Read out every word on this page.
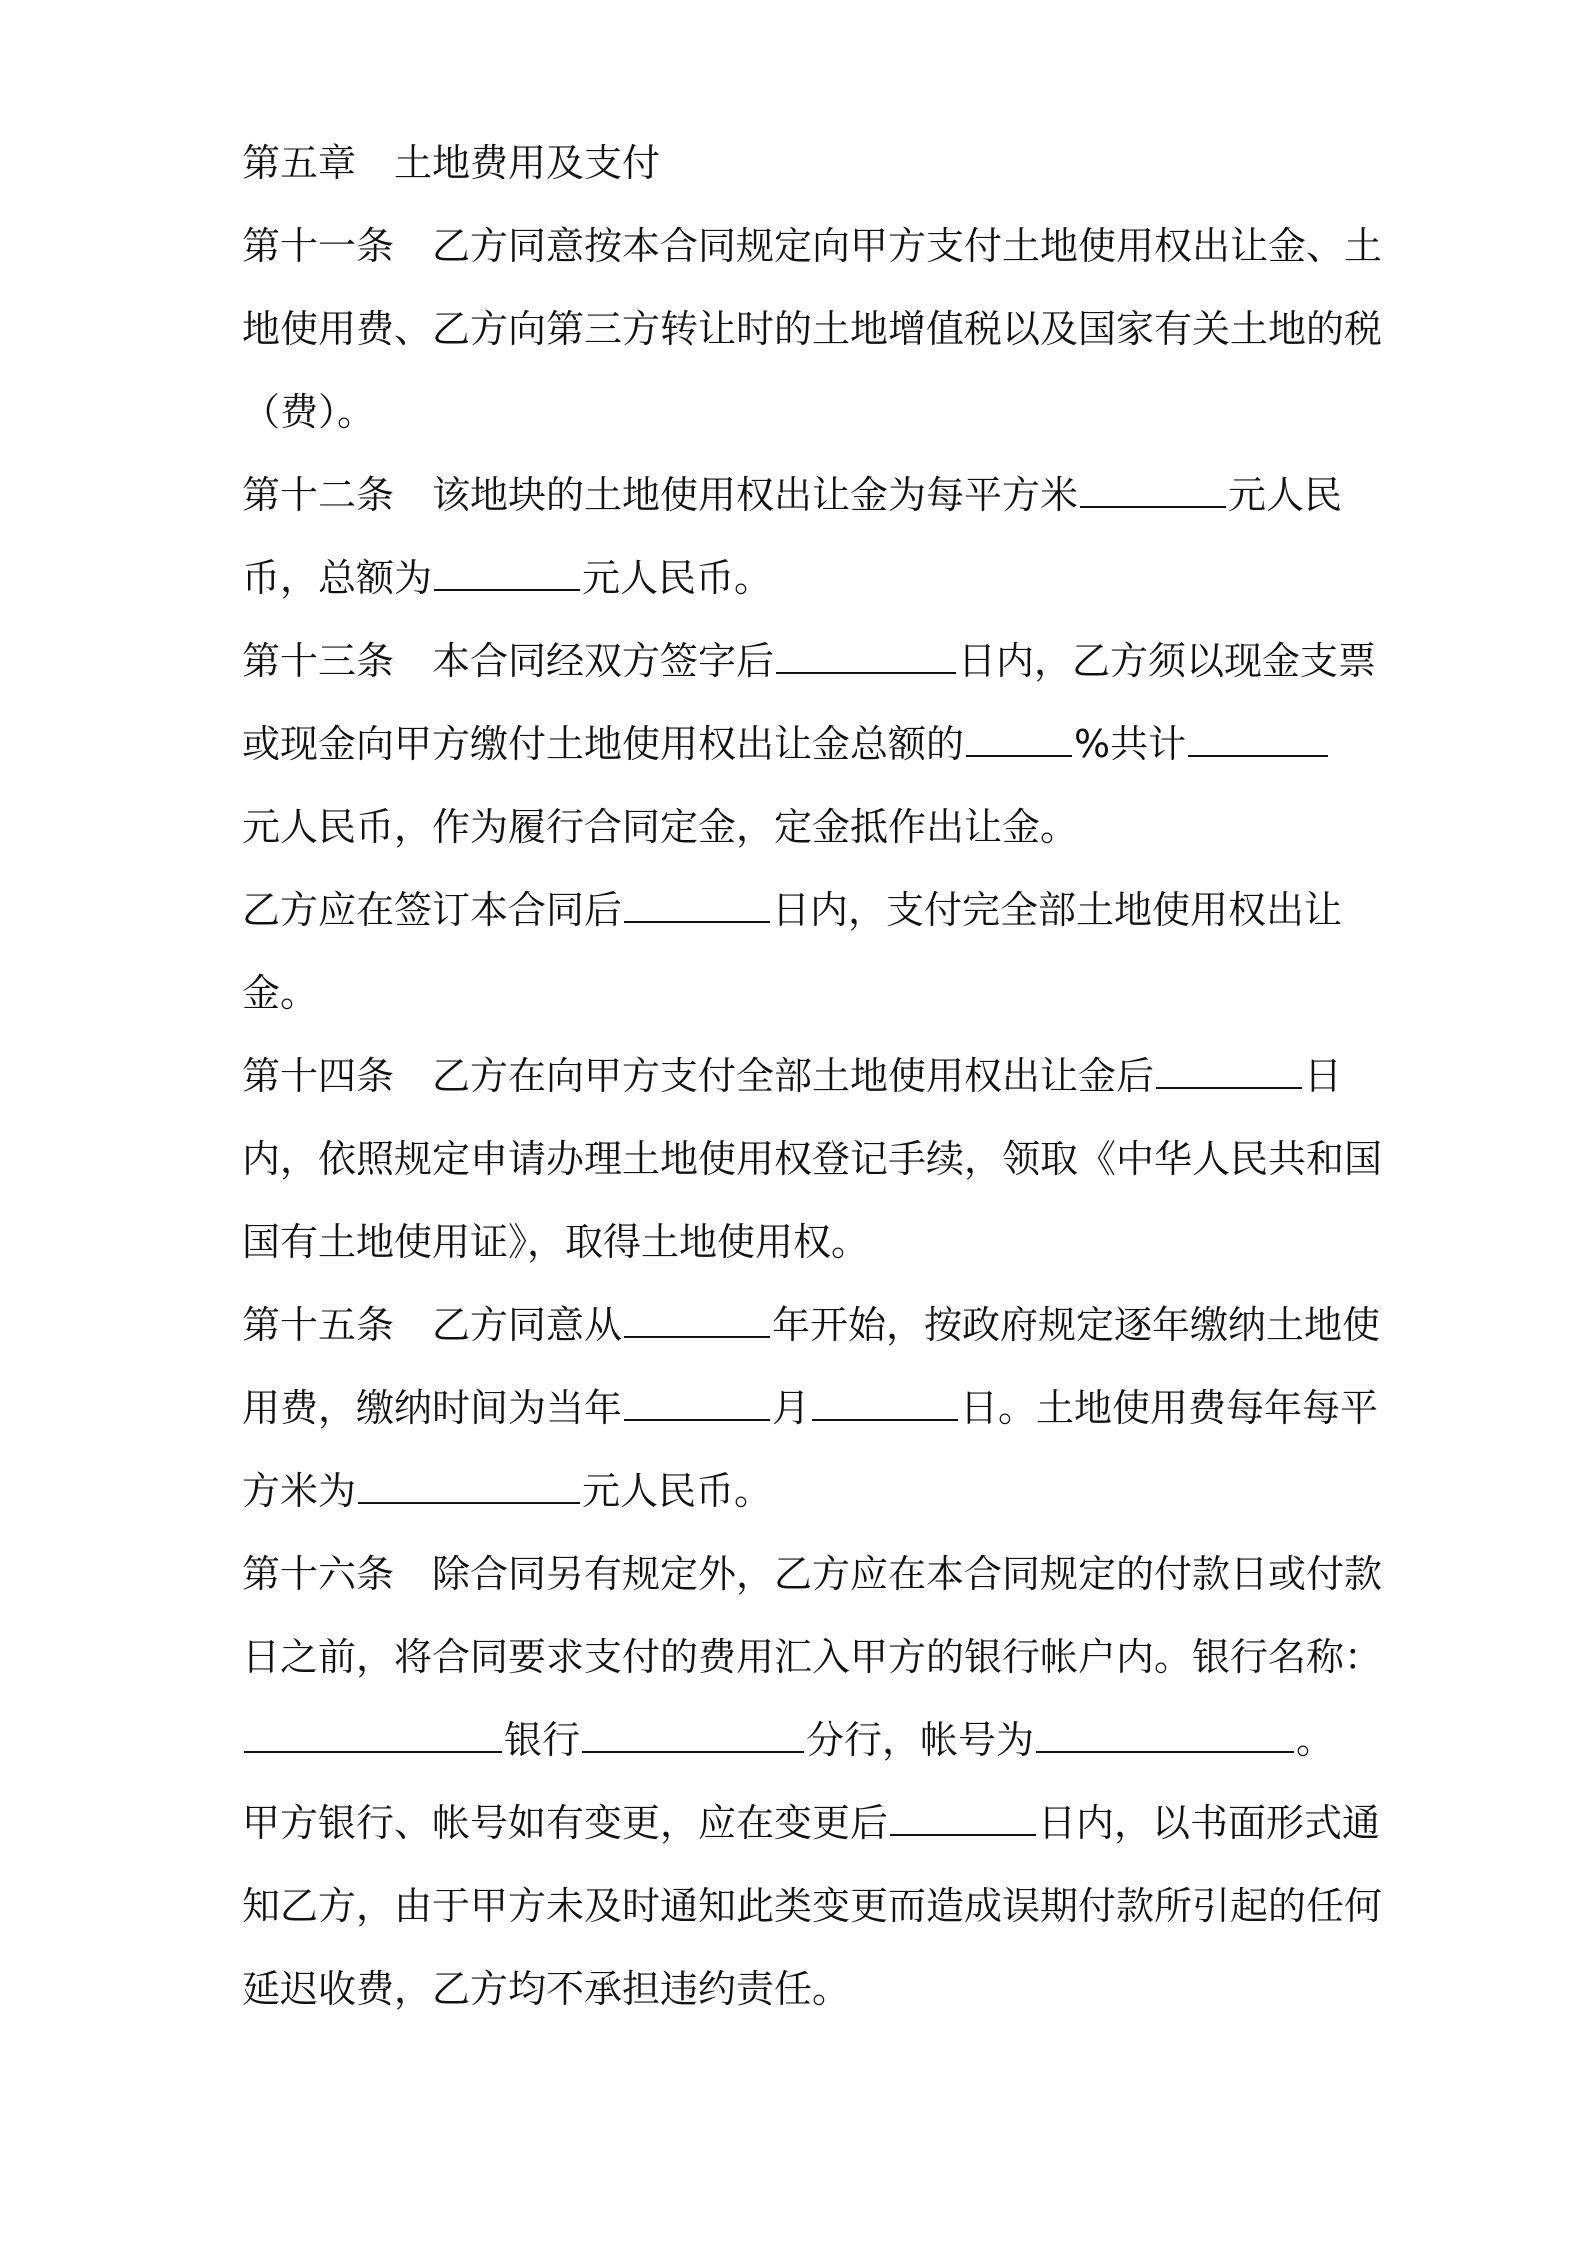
第五章　土地费用及支付
第十一条　乙方同意按本合同规定向甲方支付土地使用权出让金、土
地使用费、乙方向第三方转让时的土地增值税以及国家有关土地的税
（费）。
第十二条　该地块的土地使用权出让金为每平方米	元人民
币，总额为	元人民币。
第十三条　本合同经双方签字后	日内，乙方须以现金支票
或现金向甲方缴付土地使用权出让金总额的	%共计
元人民币，作为履行合同定金，定金抵作出让金。
乙方应在签订本合同后	日内，支付完全部土地使用权出让
金。
第十四条　乙方在向甲方支付全部土地使用权出让金后	日
内，依照规定申请办理土地使用权登记手续，领取《中华人民共和国
国有土地使用证》，取得土地使用权。
第十五条　乙方同意从	年开始，按政府规定逐年缴纳土地使
用费，缴纳时间为当年	月	日。土地使用费每年每平
方米为	元人民币。
第十六条　除合同另有规定外，乙方应在本合同规定的付款日或付款
日之前，将合同要求支付的费用汇入甲方的银行帐户内。银行名称：
银行	分行，帐号为	。
甲方银行、帐号如有变更，应在变更后	日内，以书面形式通
知乙方，由于甲方未及时通知此类变更而造成误期付款所引起的任何
延迟收费，乙方均不承担违约责任。
